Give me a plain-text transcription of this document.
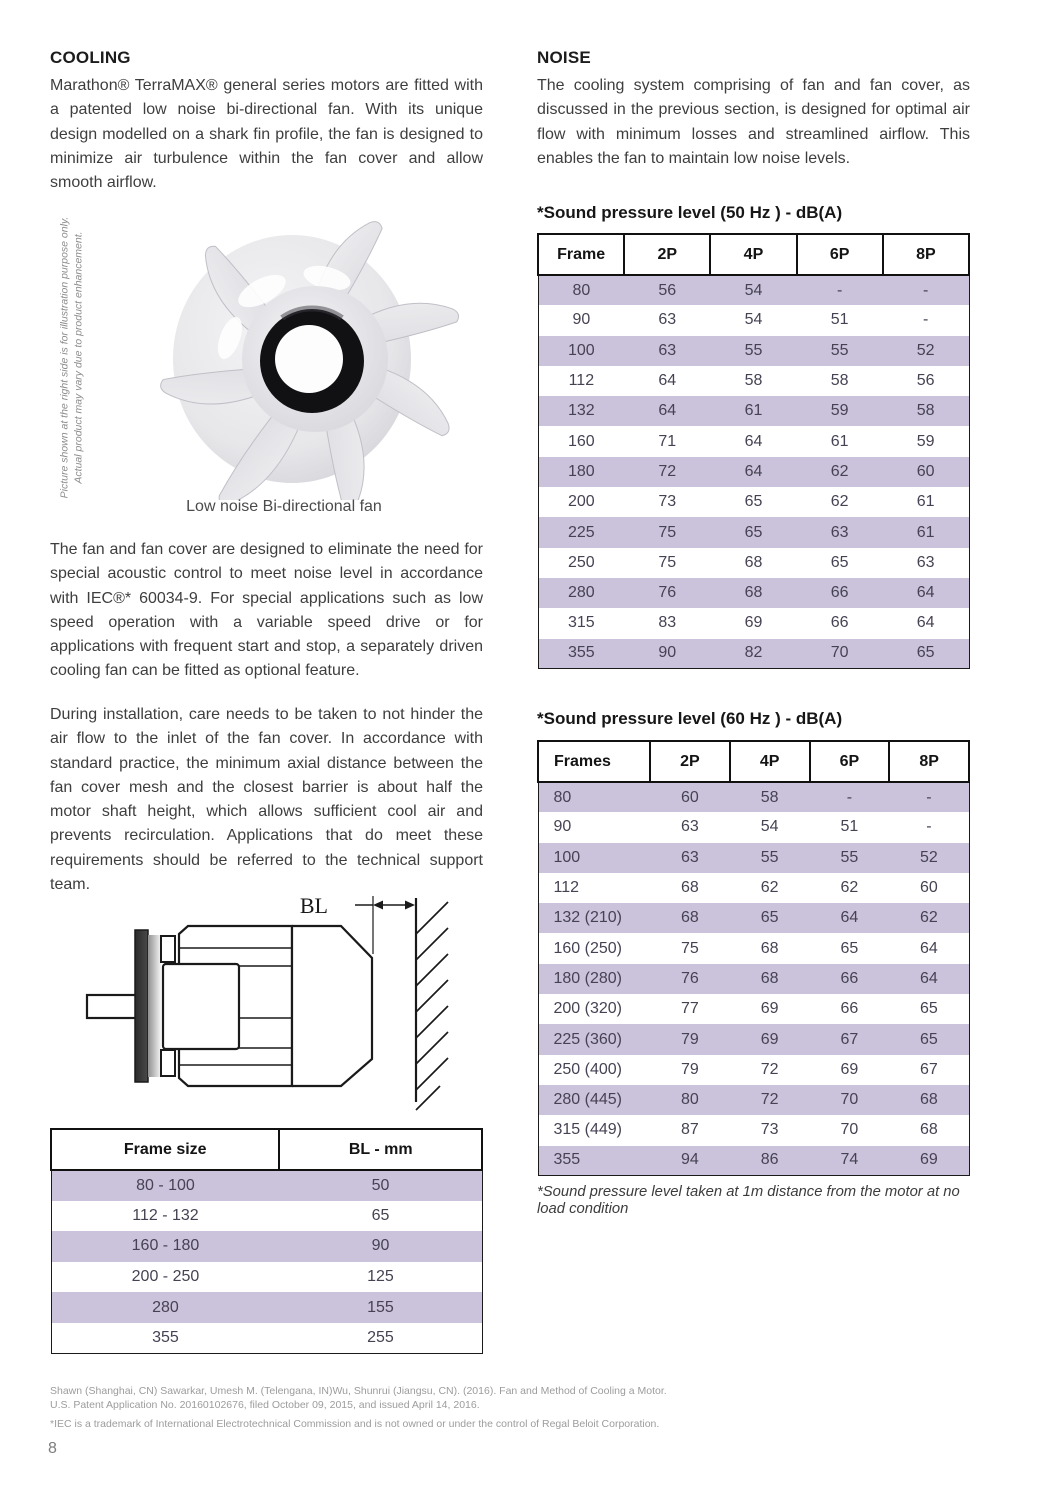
COOLING

Marathon® TerraMAX® general series motors are fitted with a patented low noise bi-directional fan. With its unique design modelled on a shark fin profile, the fan is designed to minimize air turbulence within the fan cover and allow smooth airflow.

Picture shown at the right side is for illustration purpose only. Actual product may vary due to product enhancement.
Low noise Bi-directional fan

The fan and fan cover are designed to eliminate the need for special acoustic control to meet noise level in accordance with IEC®* 60034-9. For special applications such as low speed operation with a variable speed drive or for applications with frequent start and stop, a separately driven cooling fan can be fitted as optional feature.

During installation, care needs to be taken to not hinder the air flow to the inlet of the fan cover. In accordance with standard practice, the minimum axial distance between the fan cover mesh and the closest barrier is about half the motor shaft height, which allows sufficient cool air and prevents recirculation. Applications that do meet these requirements should be referred to the technical support team.

BL
Frame size	BL - mm
80 - 100	50
112 - 132	65
160 - 180	90
200 - 250	125
280	155
355	255
NOISE

The cooling system comprising of fan and fan cover, as discussed in the previous section, is designed for optimal air flow with minimum losses and streamlined airflow. This enables the fan to maintain low noise levels.

*Sound pressure level (50 Hz ) - dB(A)
Frame	2P	4P	6P	8P
80	56	54	-	-
90	63	54	51	-
100	63	55	55	52
112	64	58	58	56
132	64	61	59	58
160	71	64	61	59
180	72	64	62	60
200	73	65	62	61
225	75	65	63	61
250	75	68	65	63
280	76	68	66	64
315	83	69	66	64
355	90	82	70	65
*Sound pressure level (60 Hz ) - dB(A)
Frames	2P	4P	6P	8P
80	60	58	-	-
90	63	54	51	-
100	63	55	55	52
112	68	62	62	60
132 (210)	68	65	64	62
160 (250)	75	68	65	64
180 (280)	76	68	66	64
200 (320)	77	69	66	65
225 (360)	79	69	67	65
250 (400)	79	72	69	67
280 (445)	80	72	70	68
315 (449)	87	73	70	68
355	94	86	74	69
*Sound pressure level taken at 1m distance from the motor at no load condition
Shawn (Shanghai, CN) Sawarkar, Umesh M. (Telengana, IN)Wu, Shunrui (Jiangsu, CN). (2016). Fan and Method of Cooling a Motor.
U.S. Patent Application No. 20160102676, filed October 09, 2015, and issued April 14, 2016.
*IEC is a trademark of International Electrotechnical Commission and is not owned or under the control of Regal Beloit Corporation.
8
